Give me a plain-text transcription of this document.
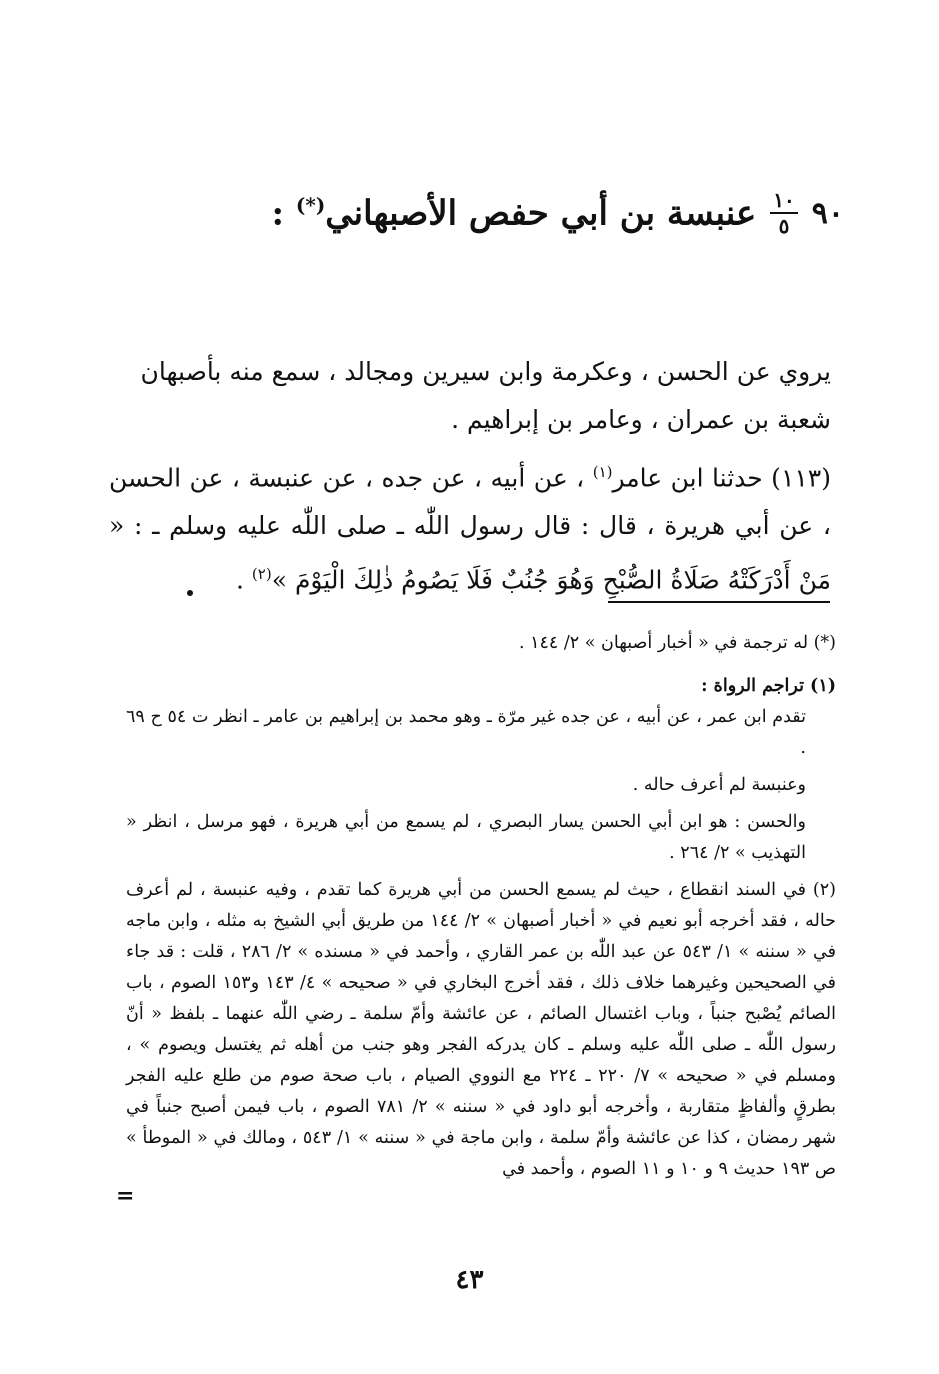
٩٠
$\frac{١٠}{٥}$
عنبسة بن أبي حفص الأصبهاني(*) :

يروي عن الحسن ، وعكرمة وابن سيرين ومجالد ، سمع منه بأصبهان
شعبة بن عمران ، وعامر بن إبراهيم .

(١١٣) حدثنا ابن عامر$^{(١)}$ ، عن أبيه ، عن جده ، عن عنبسة ، عن الحسن ، عن أبي هريرة ، قال : قال رسول اللّٰه ـ صلى اللّٰه عليه وسلم ـ : « مَنْ أَدْرَكَتْهُ صَلَاةُ الصُّبْحِ وَهُوَ جُنُبٌ فَلَا يَصُومُ ذٰلِكَ الْيَوْمَ »$^{(٢)}$ .

(*) له ترجمة في « أخبار أصبهان » ٢/ ١٤٤ .

(١) تراجم الرواة :

تقدم ابن عمر ، عن أبيه ، عن جده غير مرّة ـ وهو محمد بن إبراهيم بن عامر ـ انظر ت ٥٤ ح ٦٩ .

وعنبسة لم أعرف حاله .

والحسن : هو ابن أبي الحسن يسار البصري ، لم يسمع من أبي هريرة ، فهو مرسل ، انظر « التهذيب » ٢/ ٢٦٤ .

(٢) في السند انقطاع ، حيث لم يسمع الحسن من أبي هريرة كما تقدم ، وفيه عنبسة ، لم أعرف حاله ، فقد أخرجه أبو نعيم في « أخبار أصبهان » ٢/ ١٤٤ من طريق أبي الشيخ به مثله ، وابن ماجه في « سننه » ١/ ٥٤٣ عن عبد اللّٰه بن عمر القاري ، وأحمد في « مسنده » ٢/ ٢٨٦ ، قلت : قد جاء في الصحيحين وغيرهما خلاف ذلك ، فقد أخرج البخاري في « صحيحه » ٤/ ١٤٣ و١٥٣ الصوم ، باب الصائم يُصْبح جنباً ، وباب اغتسال الصائم ، عن عائشة وأمّ سلمة ـ رضي اللّٰه عنهما ـ بلفظ « أنّ رسول اللّٰه ـ صلى اللّٰه عليه وسلم ـ كان يدركه الفجر وهو جنب من أهله ثم يغتسل ويصوم » ، ومسلم في « صحيحه » ٧/ ٢٢٠ ـ ٢٢٤ مع النووي الصيام ، باب صحة صوم من طلع عليه الفجر بطرقٍ وألفاظٍ متقاربة ، وأخرجه أبو داود في « سننه » ٢/ ٧٨١ الصوم ، باب فيمن أصبح جنباً في شهر رمضان ، كذا عن عائشة وأمّ سلمة ، وابن ماجة في « سننه » ١/ ٥٤٣ ، ومالك في « الموطأ » ص ١٩٣ حديث ٩ و ١٠ و ١١ الصوم ، وأحمد في

=
٤٣
